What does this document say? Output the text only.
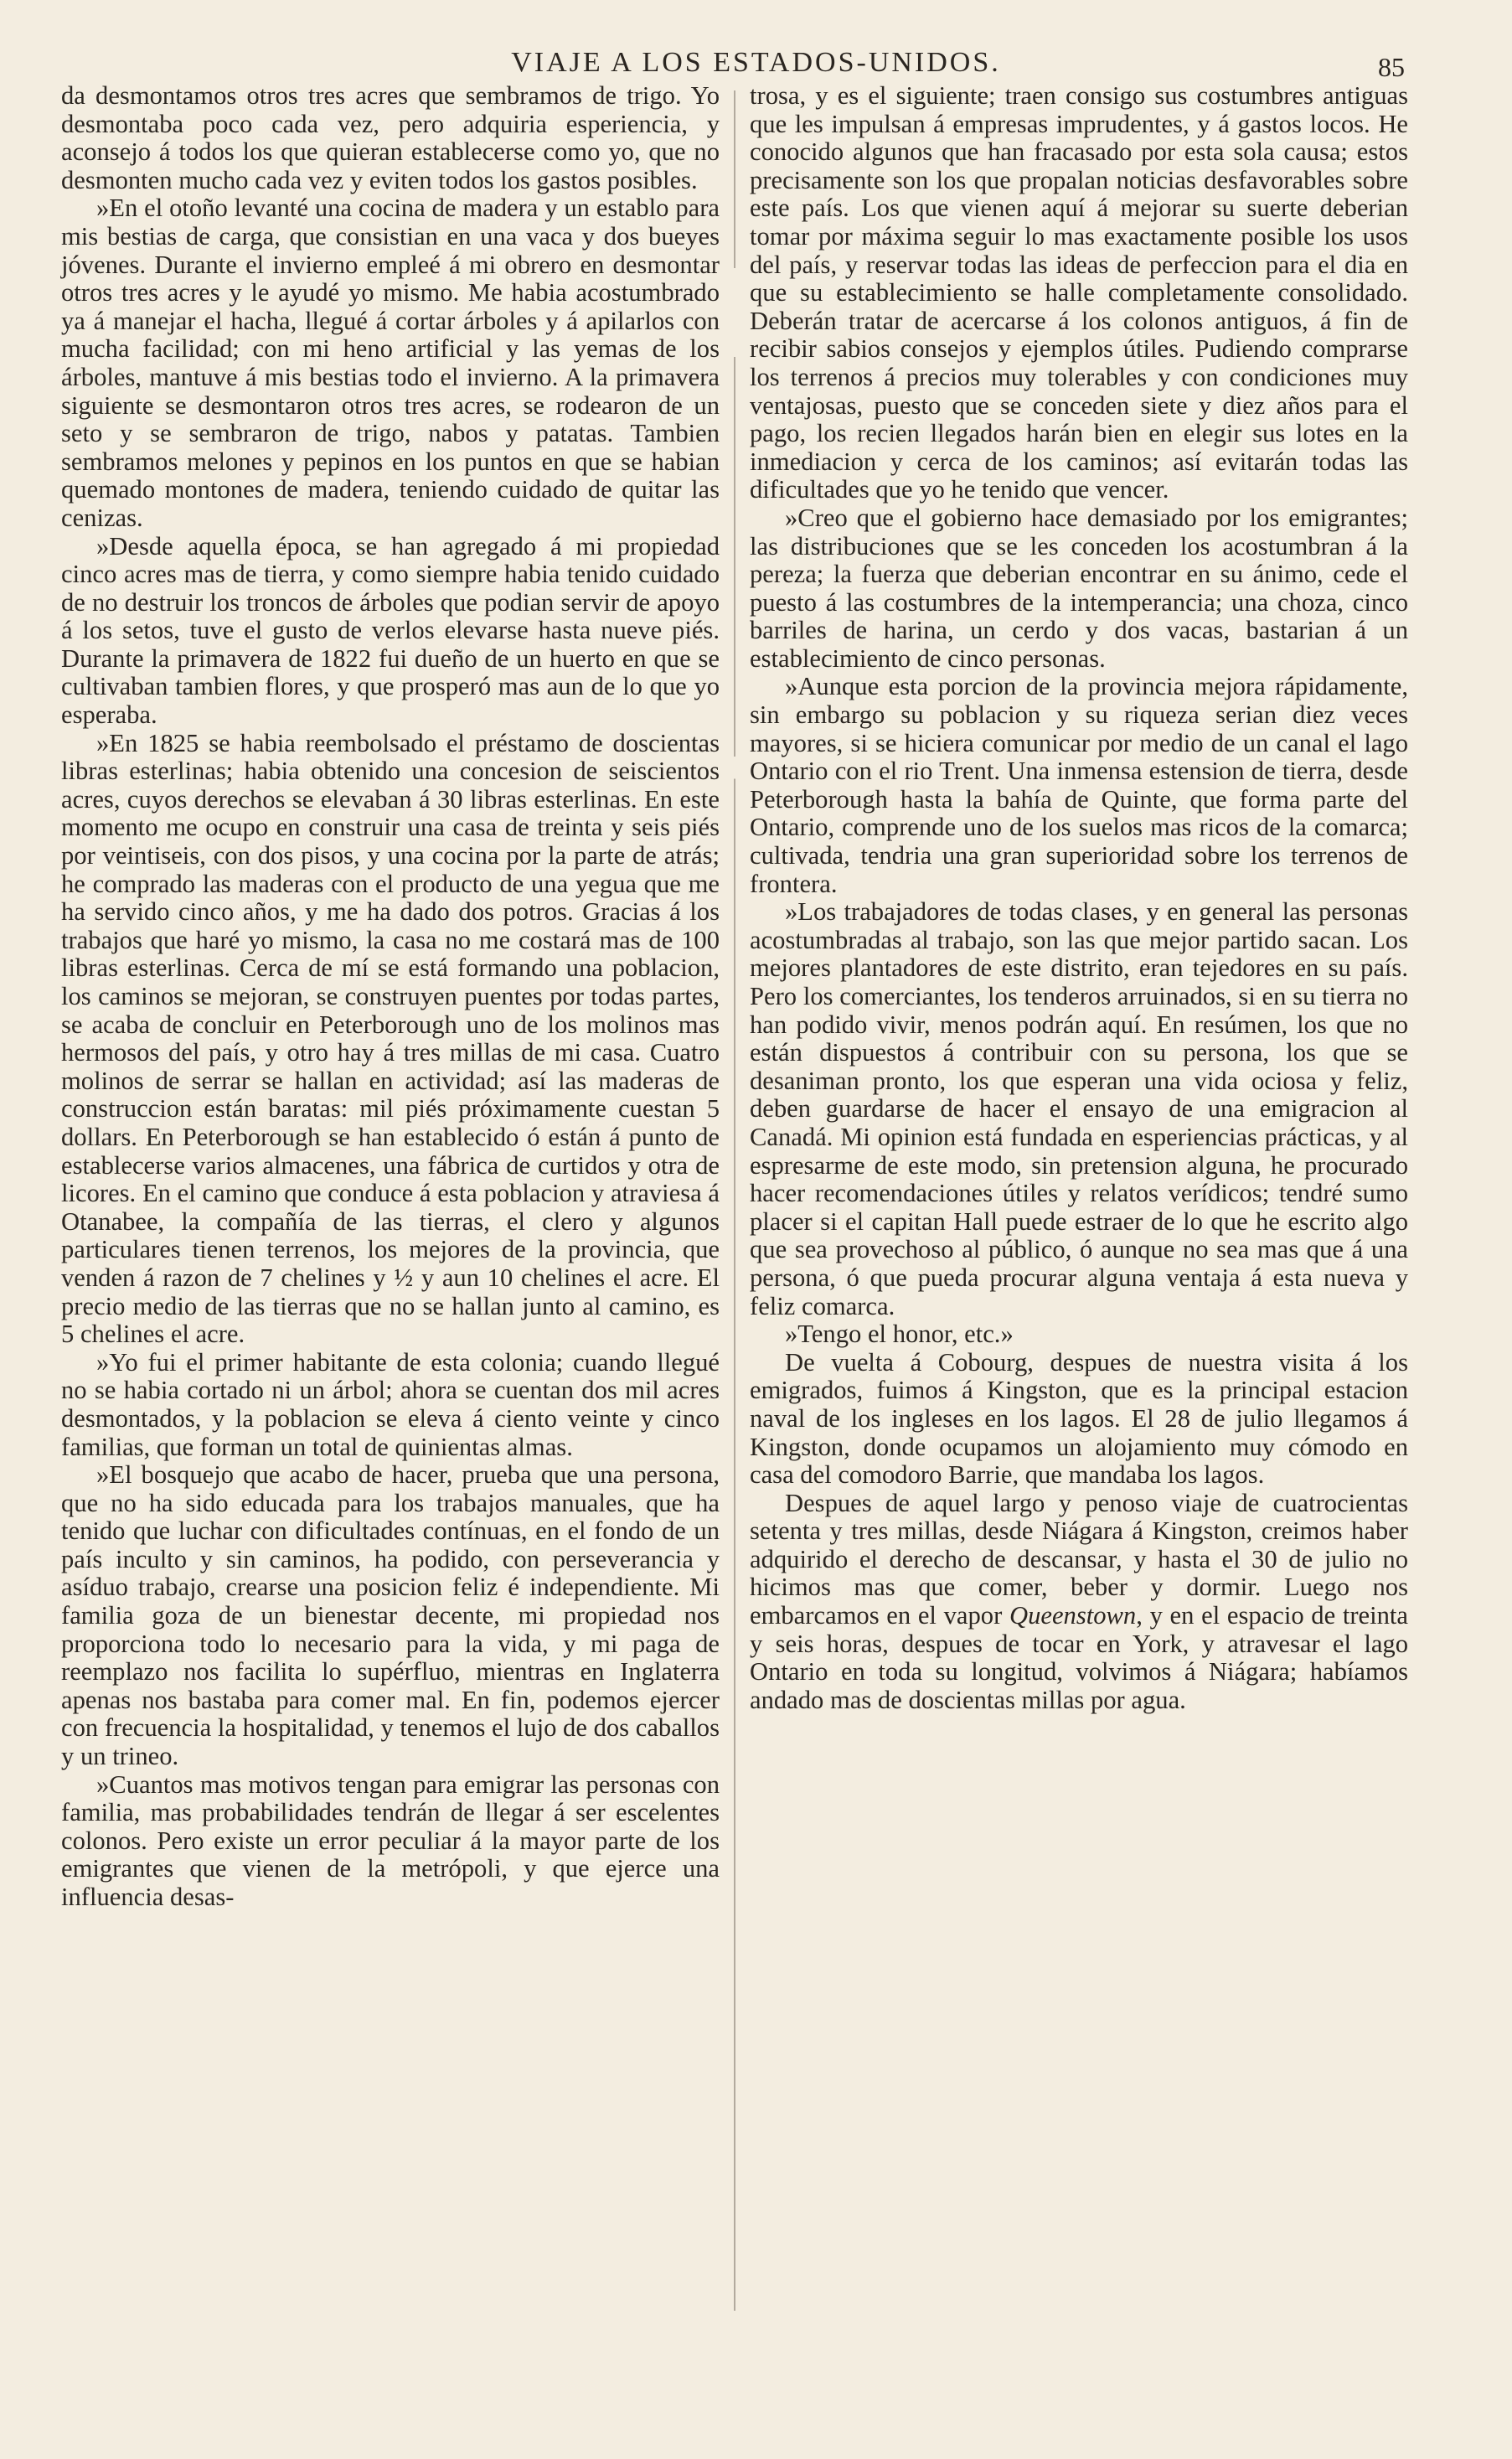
VIAJE A LOS ESTADOS-UNIDOS.	85

da desmontamos otros tres acres que sembramos de trigo. Yo desmontaba poco cada vez, pero adquiria esperiencia, y aconsejo á todos los que quieran establecerse como yo, que no desmonten mucho cada vez y eviten todos los gastos posibles.

»En el otoño levanté una cocina de madera y un establo para mis bestias de carga, que consistian en una vaca y dos bueyes jóvenes. Durante el invierno empleé á mi obrero en desmontar otros tres acres y le ayudé yo mismo. Me habia acostumbrado ya á manejar el hacha, llegué á cortar árboles y á apilarlos con mucha facilidad; con mi heno artificial y las yemas de los árboles, mantuve á mis bestias todo el invierno. A la primavera siguiente se desmontaron otros tres acres, se rodearon de un seto y se sembraron de trigo, nabos y patatas. Tambien sembramos melones y pepinos en los puntos en que se habian quemado montones de madera, teniendo cuidado de quitar las cenizas.

»Desde aquella época, se han agregado á mi propiedad cinco acres mas de tierra, y como siempre habia tenido cuidado de no destruir los troncos de árboles que podian servir de apoyo á los setos, tuve el gusto de verlos elevarse hasta nueve piés. Durante la primavera de 1822 fui dueño de un huerto en que se cultivaban tambien flores, y que prosperó mas aun de lo que yo esperaba.

»En 1825 se habia reembolsado el préstamo de doscientas libras esterlinas; habia obtenido una concesion de seiscientos acres, cuyos derechos se elevaban á 30 libras esterlinas. En este momento me ocupo en construir una casa de treinta y seis piés por veintiseis, con dos pisos, y una cocina por la parte de atrás; he comprado las maderas con el producto de una yegua que me ha servido cinco años, y me ha dado dos potros. Gracias á los trabajos que haré yo mismo, la casa no me costará mas de 100 libras esterlinas. Cerca de mí se está formando una poblacion, los caminos se mejoran, se construyen puentes por todas partes, se acaba de concluir en Peterborough uno de los molinos mas hermosos del país, y otro hay á tres millas de mi casa. Cuatro molinos de serrar se hallan en actividad; así las maderas de construccion están baratas: mil piés próximamente cuestan 5 dollars. En Peterborough se han establecido ó están á punto de establecerse varios almacenes, una fábrica de curtidos y otra de licores. En el camino que conduce á esta poblacion y atraviesa á Otanabee, la compañía de las tierras, el clero y algunos particulares tienen terrenos, los mejores de la provincia, que venden á razon de 7 chelines y ½ y aun 10 chelines el acre. El precio medio de las tierras que no se hallan junto al camino, es 5 chelines el acre.

»Yo fui el primer habitante de esta colonia; cuando llegué no se habia cortado ni un árbol; ahora se cuentan dos mil acres desmontados, y la poblacion se eleva á ciento veinte y cinco familias, que forman un total de quinientas almas.

»El bosquejo que acabo de hacer, prueba que una persona, que no ha sido educada para los trabajos manuales, que ha tenido que luchar con dificultades contínuas, en el fondo de un país inculto y sin caminos, ha podido, con perseverancia y asíduo trabajo, crearse una posicion feliz é independiente. Mi familia goza de un bienestar decente, mi propiedad nos proporciona todo lo necesario para la vida, y mi paga de reemplazo nos facilita lo supérfluo, mientras en Inglaterra apenas nos bastaba para comer mal. En fin, podemos ejercer con frecuencia la hospitalidad, y tenemos el lujo de dos caballos y un trineo.

»Cuantos mas motivos tengan para emigrar las personas con familia, mas probabilidades tendrán de llegar á ser escelentes colonos. Pero existe un error peculiar á la mayor parte de los emigrantes que vienen de la metrópoli, y que ejerce una influencia desas-

trosa, y es el siguiente; traen consigo sus costumbres antiguas que les impulsan á empresas imprudentes, y á gastos locos. He conocido algunos que han fracasado por esta sola causa; estos precisamente son los que propalan noticias desfavorables sobre este país. Los que vienen aquí á mejorar su suerte deberian tomar por máxima seguir lo mas exactamente posible los usos del país, y reservar todas las ideas de perfeccion para el dia en que su establecimiento se halle completamente consolidado. Deberán tratar de acercarse á los colonos antiguos, á fin de recibir sabios consejos y ejemplos útiles. Pudiendo comprarse los terrenos á precios muy tolerables y con condiciones muy ventajosas, puesto que se conceden siete y diez años para el pago, los recien llegados harán bien en elegir sus lotes en la inmediacion y cerca de los caminos; así evitarán todas las dificultades que yo he tenido que vencer.

»Creo que el gobierno hace demasiado por los emigrantes; las distribuciones que se les conceden los acostumbran á la pereza; la fuerza que deberian encontrar en su ánimo, cede el puesto á las costumbres de la intemperancia; una choza, cinco barriles de harina, un cerdo y dos vacas, bastarian á un establecimiento de cinco personas.

»Aunque esta porcion de la provincia mejora rápidamente, sin embargo su poblacion y su riqueza serian diez veces mayores, si se hiciera comunicar por medio de un canal el lago Ontario con el rio Trent. Una inmensa estension de tierra, desde Peterborough hasta la bahía de Quinte, que forma parte del Ontario, comprende uno de los suelos mas ricos de la comarca; cultivada, tendria una gran superioridad sobre los terrenos de frontera.

»Los trabajadores de todas clases, y en general las personas acostumbradas al trabajo, son las que mejor partido sacan. Los mejores plantadores de este distrito, eran tejedores en su país. Pero los comerciantes, los tenderos arruinados, si en su tierra no han podido vivir, menos podrán aquí. En resúmen, los que no están dispuestos á contribuir con su persona, los que se desaniman pronto, los que esperan una vida ociosa y feliz, deben guardarse de hacer el ensayo de una emigracion al Canadá. Mi opinion está fundada en esperiencias prácticas, y al espresarme de este modo, sin pretension alguna, he procurado hacer recomendaciones útiles y relatos verídicos; tendré sumo placer si el capitan Hall puede estraer de lo que he escrito algo que sea provechoso al público, ó aunque no sea mas que á una persona, ó que pueda procurar alguna ventaja á esta nueva y feliz comarca.

»Tengo el honor, etc.»

De vuelta á Cobourg, despues de nuestra visita á los emigrados, fuimos á Kingston, que es la principal estacion naval de los ingleses en los lagos. El 28 de julio llegamos á Kingston, donde ocupamos un alojamiento muy cómodo en casa del comodoro Barrie, que mandaba los lagos.

Despues de aquel largo y penoso viaje de cuatrocientas setenta y tres millas, desde Niágara á Kingston, creimos haber adquirido el derecho de descansar, y hasta el 30 de julio no hicimos mas que comer, beber y dormir. Luego nos embarcamos en el vapor Queenstown, y en el espacio de treinta y seis horas, despues de tocar en York, y atravesar el lago Ontario en toda su longitud, volvimos á Niágara; habíamos andado mas de doscientas millas por agua.
